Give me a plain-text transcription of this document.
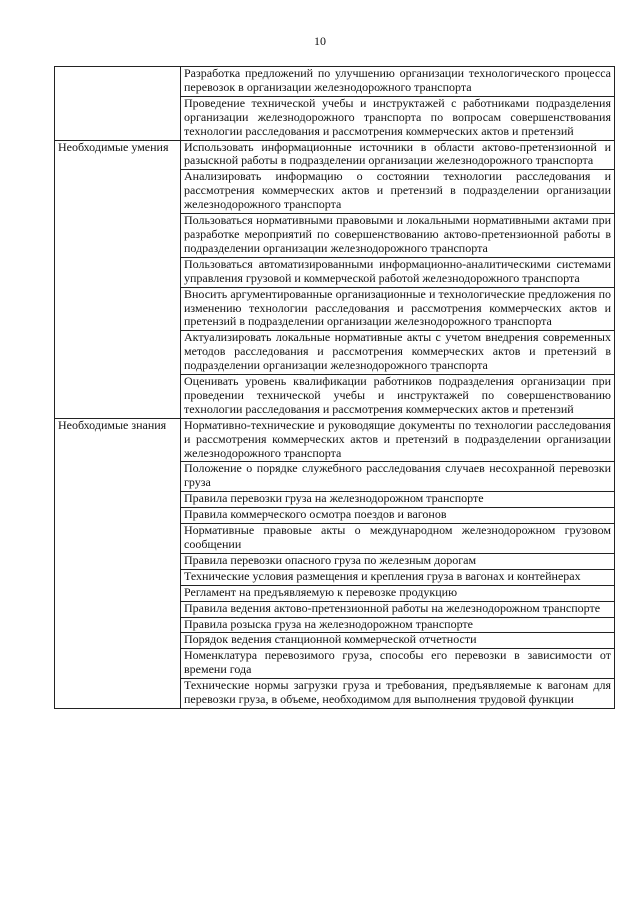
10
	Разработка предложений по улучшению организации технологического процесса перевозок в организации железнодорожного транспорта
	Проведение технической учебы и инструктажей с работниками подразделения организации железнодорожного транспорта по вопросам совершенствования технологии расследования и рассмотрения коммерческих актов и претензий
Необходимые умения	Использовать информационные источники в области актово-претензионной и разыскной работы в подразделении организации железнодорожного транспорта
	Анализировать информацию о состоянии технологии расследования и рассмотрения коммерческих актов и претензий в подразделении организации железнодорожного транспорта
	Пользоваться нормативными правовыми и локальными нормативными актами при разработке мероприятий по совершенствованию актово-претензионной работы в подразделении организации железнодорожного транспорта
	Пользоваться автоматизированными информационно-аналитическими системами управления грузовой и коммерческой работой железнодорожного транспорта
	Вносить аргументированные организационные и технологические предложения по изменению технологии расследования и рассмотрения коммерческих актов и претензий в подразделении организации железнодорожного транспорта
	Актуализировать локальные нормативные акты с учетом внедрения современных методов расследования и рассмотрения коммерческих актов и претензий в подразделении организации железнодорожного транспорта
	Оценивать уровень квалификации работников подразделения организации при проведении технической учебы и инструктажей по совершенствованию технологии расследования и рассмотрения коммерческих актов и претензий
Необходимые знания	Нормативно-технические и руководящие документы по технологии расследования и рассмотрения коммерческих актов и претензий в подразделении организации железнодорожного транспорта
	Положение о порядке служебного расследования случаев несохранной перевозки груза
	Правила перевозки груза на железнодорожном транспорте
	Правила коммерческого осмотра поездов и вагонов
	Нормативные правовые акты о международном железнодорожном грузовом сообщении
	Правила перевозки опасного груза по железным дорогам
	Технические условия размещения и крепления груза в вагонах и контейнерах
	Регламент на предъявляемую к перевозке продукцию
	Правила ведения актово-претензионной работы на железнодорожном транспорте
	Правила розыска груза на железнодорожном транспорте
	Порядок ведения станционной коммерческой отчетности
	Номенклатура перевозимого груза, способы его перевозки в зависимости от времени года
	Технические нормы загрузки груза и требования, предъявляемые к вагонам для перевозки груза, в объеме, необходимом для выполнения трудовой функции
